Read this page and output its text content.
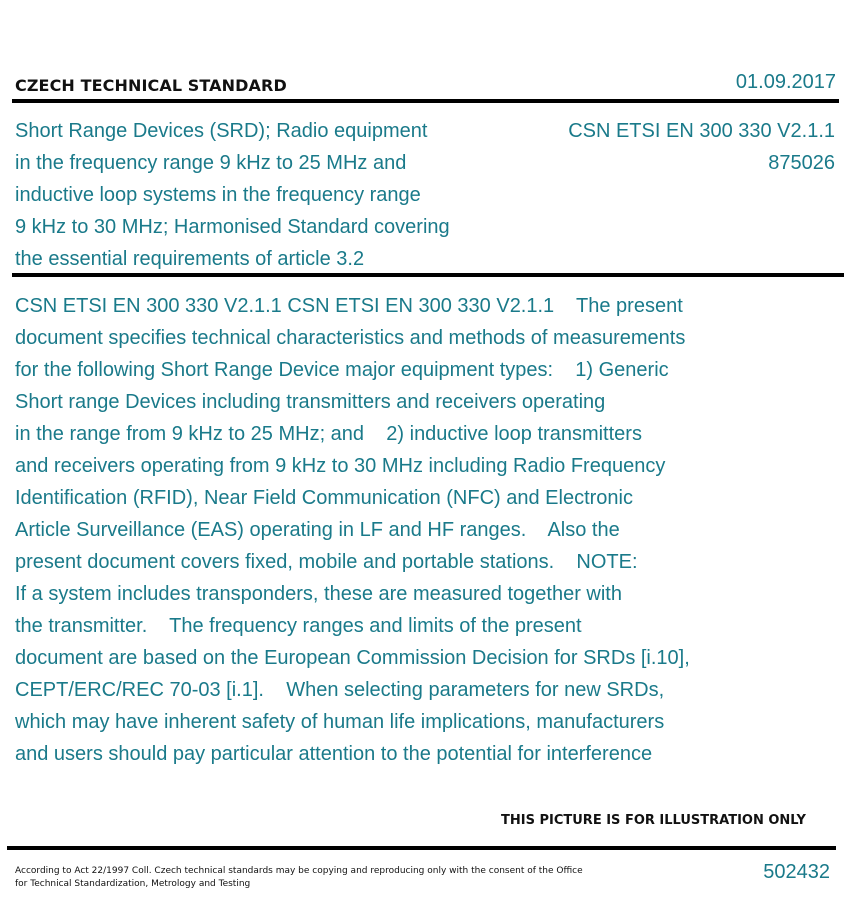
CZECH TECHNICAL STANDARD	01.09.2017
Short Range Devices (SRD); Radio equipment
in the frequency range 9 kHz to 25 MHz and
inductive loop systems in the frequency range
9 kHz to 30 MHz; Harmonised Standard covering
the essential requirements of article 3.2
CSN ETSI EN 300 330 V2.1.1
875026
CSN ETSI EN 300 330 V2.1.1 CSN ETSI EN 300 330 V2.1.1    The present
document specifies technical characteristics and methods of measurements
for the following Short Range Device major equipment types:    1) Generic
Short range Devices including transmitters and receivers operating
in the range from 9 kHz to 25 MHz; and    2) inductive loop transmitters
and receivers operating from 9 kHz to 30 MHz including Radio Frequency
Identification (RFID), Near Field Communication (NFC) and Electronic
Article Surveillance (EAS) operating in LF and HF ranges.    Also the
present document covers fixed, mobile and portable stations.    NOTE:
If a system includes transponders, these are measured together with
the transmitter.    The frequency ranges and limits of the present
document are based on the European Commission Decision for SRDs [i.10],
CEPT/ERC/REC 70-03 [i.1].    When selecting parameters for new SRDs,
which may have inherent safety of human life implications, manufacturers
and users should pay particular attention to the potential for interference
THIS PICTURE IS FOR ILLUSTRATION ONLY
According to Act 22/1997 Coll. Czech technical standards may be copying and reproducing only with the consent of the Office
for Technical Standardization, Metrology and Testing
502432
